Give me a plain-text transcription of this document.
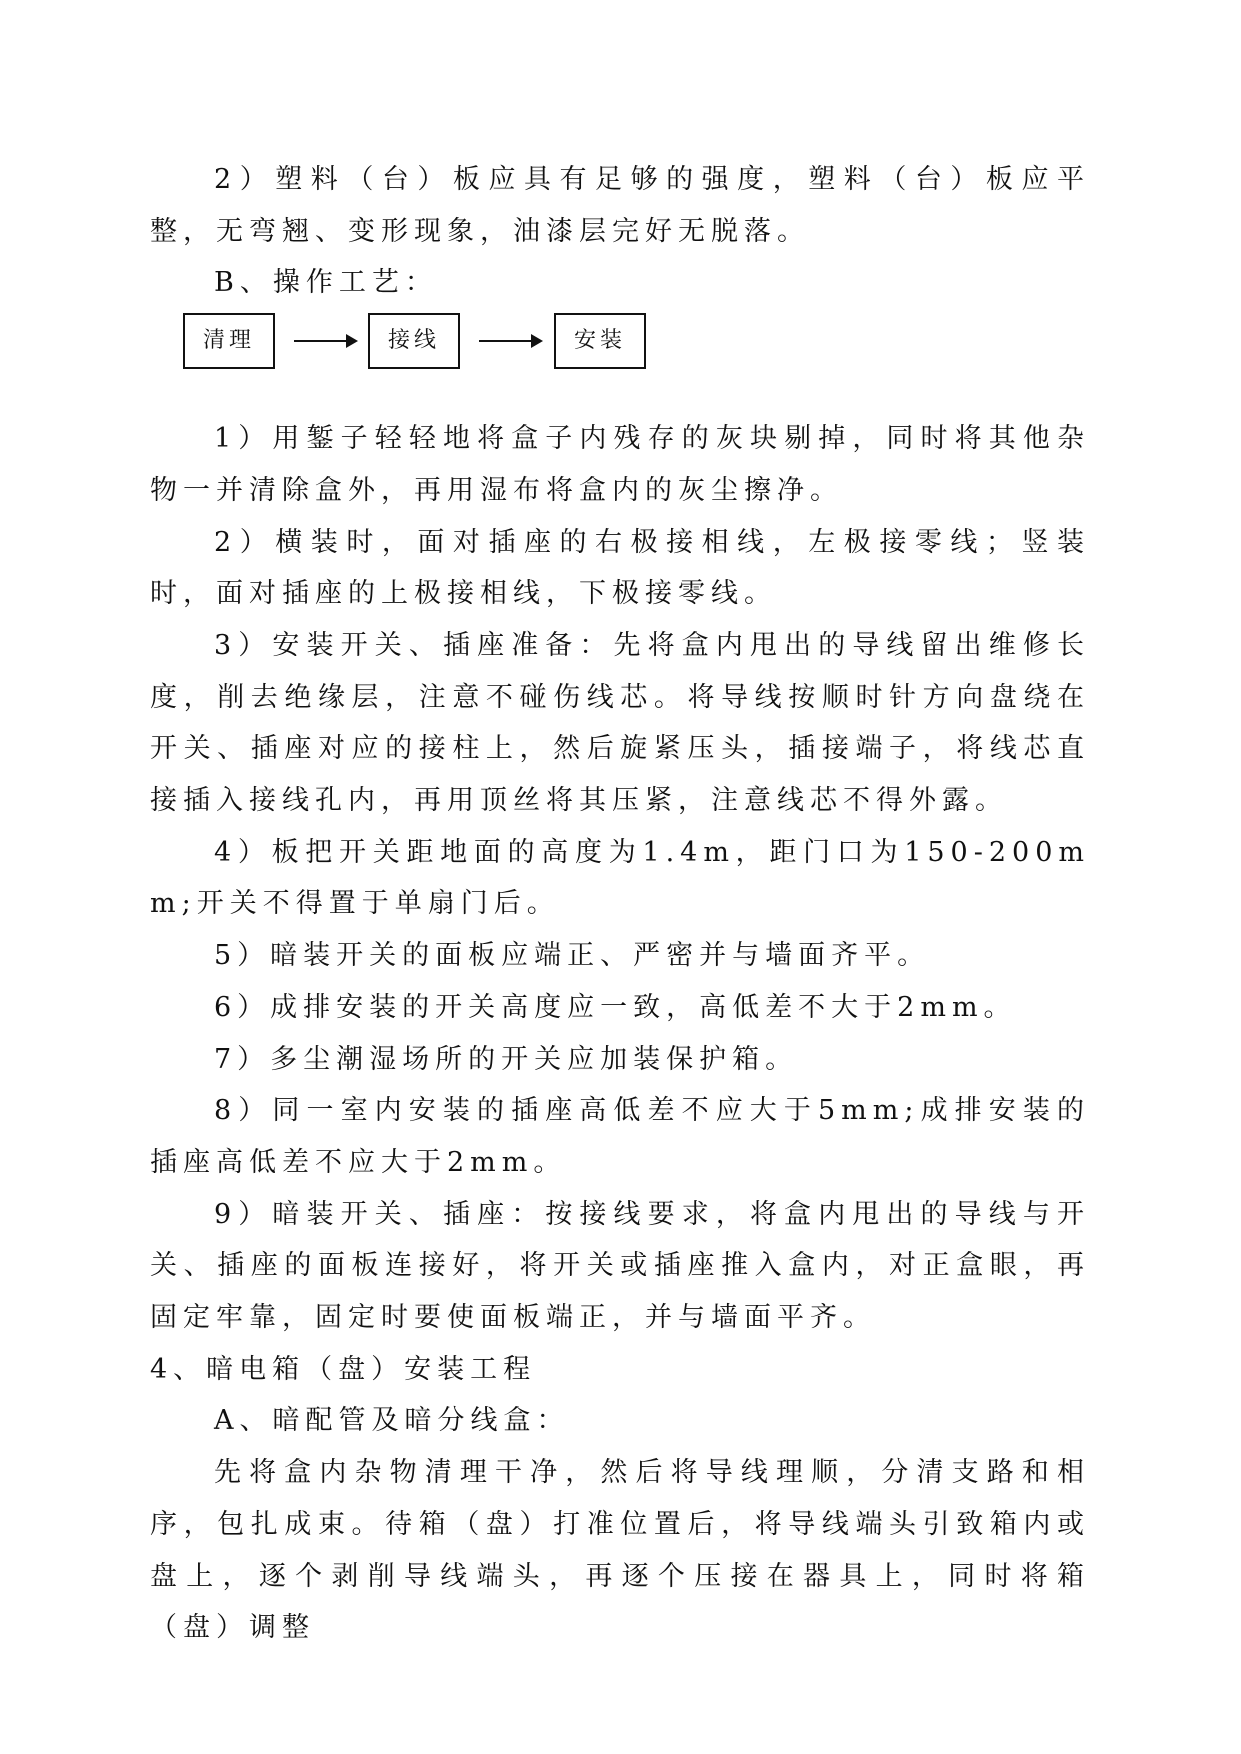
2）塑料（台）板应具有足够的强度，塑料（台）板应平整，无弯翘、变形现象，油漆层完好无脱落。

B、操作工艺：

清理	接线	安装

1）用錾子轻轻地将盒子内残存的灰块剔掉，同时将其他杂物一并清除盒外，再用湿布将盒内的灰尘擦净。

2）横装时，面对插座的右极接相线，左极接零线；竖装时，面对插座的上极接相线，下极接零线。

3）安装开关、插座准备：先将盒内甩出的导线留出维修长度，削去绝缘层，注意不碰伤线芯。将导线按顺时针方向盘绕在开关、插座对应的接柱上，然后旋紧压头，插接端子，将线芯直接插入接线孔内，再用顶丝将其压紧，注意线芯不得外露。

4）板把开关距地面的高度为1.4m，距门口为150-200mm;开关不得置于单扇门后。

5）暗装开关的面板应端正、严密并与墙面齐平。

6）成排安装的开关高度应一致，高低差不大于2mm。

7）多尘潮湿场所的开关应加装保护箱。

8）同一室内安装的插座高低差不应大于5mm;成排安装的插座高低差不应大于2mm。

9）暗装开关、插座：按接线要求，将盒内甩出的导线与开关、插座的面板连接好，将开关或插座推入盒内，对正盒眼，再固定牢靠，固定时要使面板端正，并与墙面平齐。

4、暗电箱（盘）安装工程

A、暗配管及暗分线盒：

先将盒内杂物清理干净，然后将导线理顺，分清支路和相序，包扎成束。待箱（盘）打准位置后，将导线端头引致箱内或盘上，逐个剥削导线端头，再逐个压接在器具上，同时将箱（盘）调整
